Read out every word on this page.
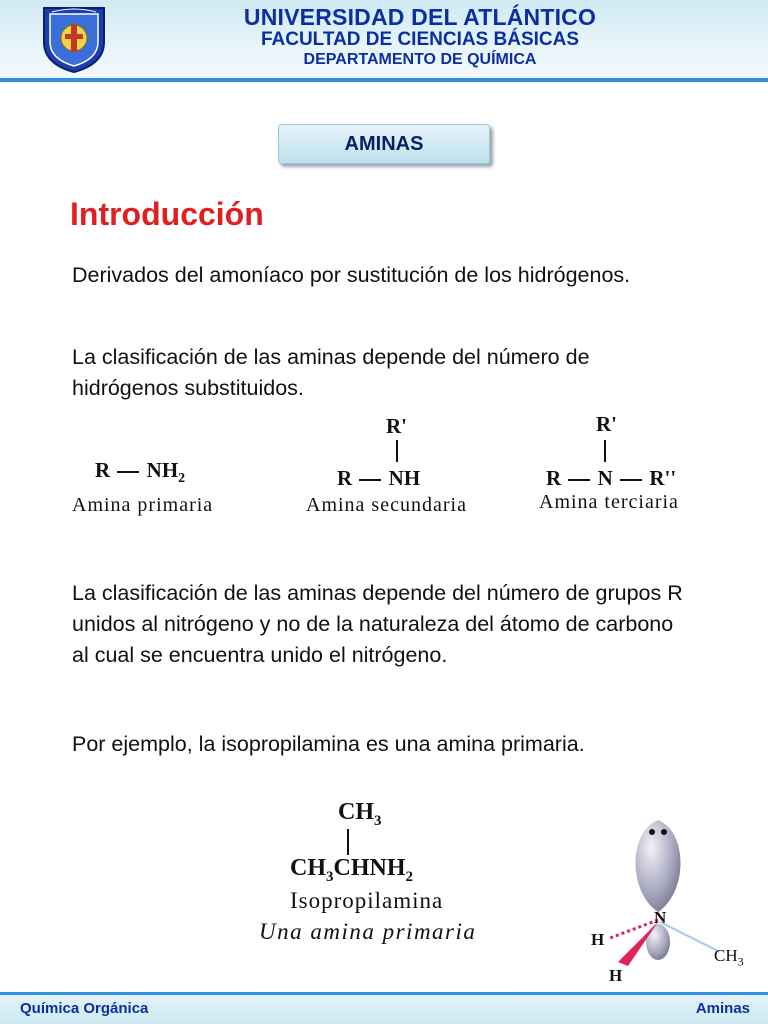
UNIVERSIDAD DEL ATLÁNTICO
FACULTAD DE CIENCIAS BÁSICAS
DEPARTAMENTO DE QUÍMICA
AMINAS
Introducción
Derivados del amoníaco por sustitución de los hidrógenos.
La clasificación de las aminas depende del número de hidrógenos substituidos.
R $NH_2$
Amina primaria
R'
R NH
Amina secundaria
R'
R N R''
Amina terciaria
La clasificación de las aminas depende del número de grupos R unidos al nitrógeno y no de la naturaleza del átomo de carbono al cual se encuentra unido el nitrógeno.
Por ejemplo, la isopropilamina es una amina primaria.
$CH_3$
$CH_3CHNH_2$
Isopropilamina
Una amina primaria
N
H
H
$CH_3$
Química Orgánica	Aminas
